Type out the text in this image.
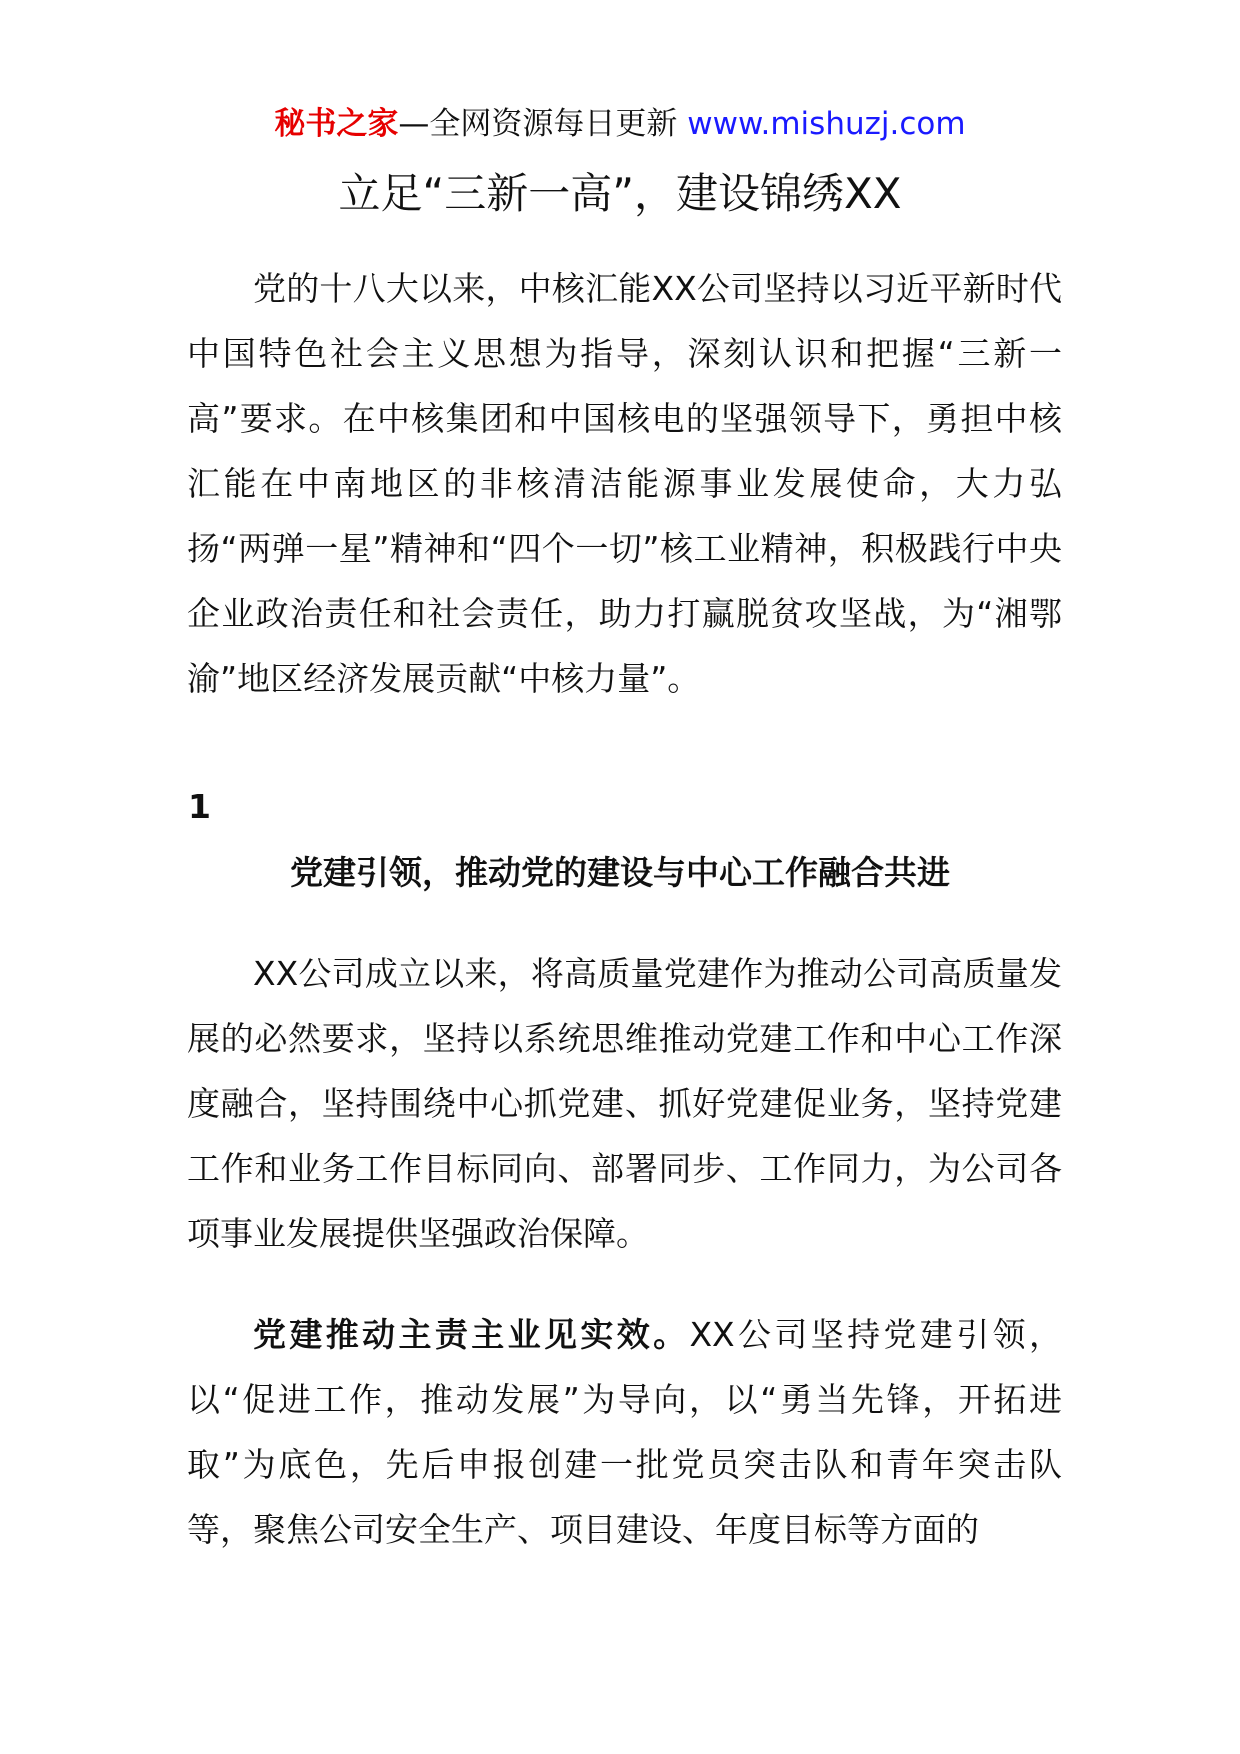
秘书之家—全网资源每日更新 www.mishuzj.com
立足“三新一高”，建设锦绣XX

党的十八大以来，中核汇能XX公司坚持以习近平新时代中国特色社会主义思想为指导，深刻认识和把握“三新一高”要求。在中核集团和中国核电的坚强领导下，勇担中核汇能在中南地区的非核清洁能源事业发展使命，大力弘扬“两弹一星”精神和“四个一切”核工业精神，积极践行中央企业政治责任和社会责任，助力打赢脱贫攻坚战，为“湘鄂渝”地区经济发展贡献“中核力量”。

1
党建引领，推动党的建设与中心工作融合共进

XX公司成立以来，将高质量党建作为推动公司高质量发展的必然要求，坚持以系统思维推动党建工作和中心工作深度融合，坚持围绕中心抓党建、抓好党建促业务，坚持党建工作和业务工作目标同向、部署同步、工作同力，为公司各项事业发展提供坚强政治保障。

党建推动主责主业见实效。XX公司坚持党建引领，以“促进工作，推动发展”为导向，以“勇当先锋，开拓进取”为底色，先后申报创建一批党员突击队和青年突击队等，聚焦公司安全生产、项目建设、年度目标等方面的
